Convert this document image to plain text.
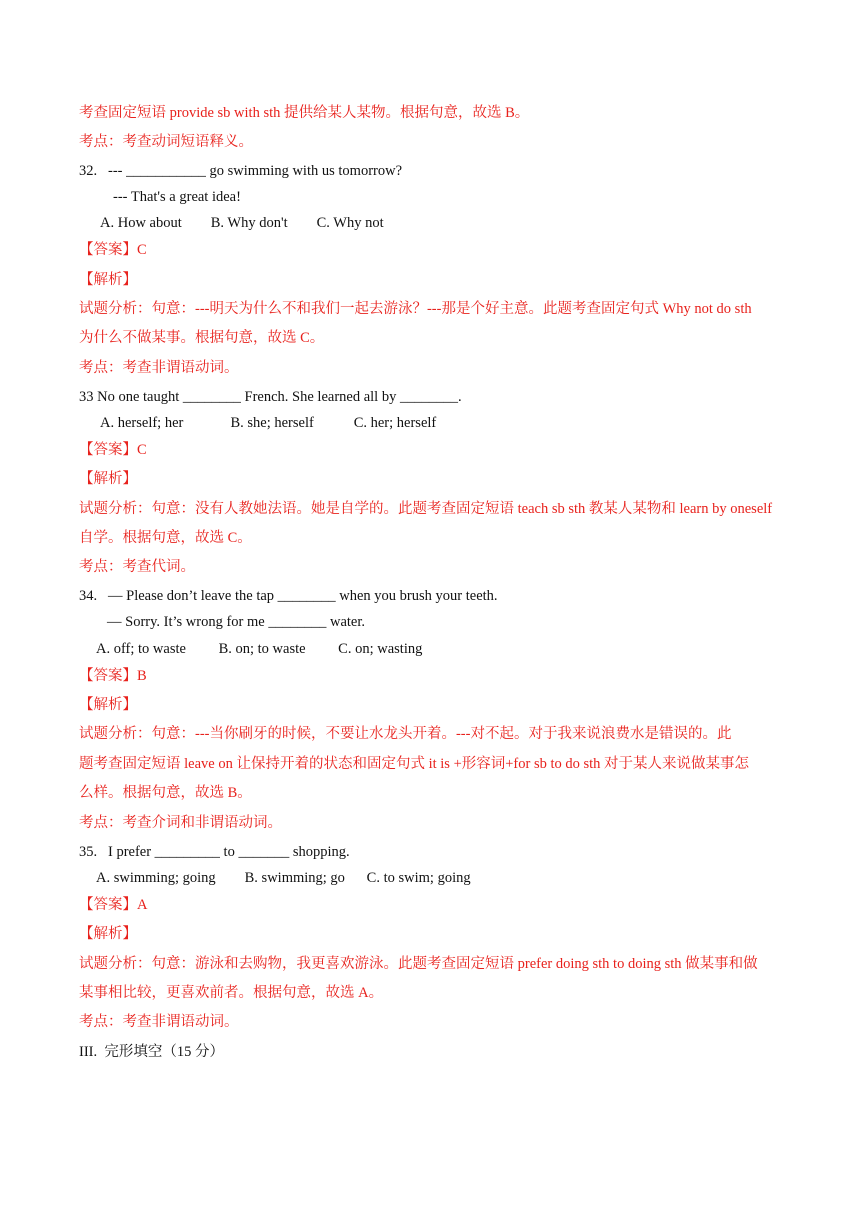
考查固定短语 provide sb with sth 提供给某人某物。根据句意，故选 B。
考点：考查动词短语释义。
32.   --- ___________ go swimming with us tomorrow?
--- That's a great idea!
A. How about        B. Why don't        C. Why not
【答案】C
【解析】
试题分析：句意：---明天为什么不和我们一起去游泳？---那是个好主意。此题考查固定句式 Why not do sth
为什么不做某事。根据句意，故选 C。
考点：考查非谓语动词。
33 No one taught ________ French. She learned all by ________.
A. herself; her             B. she; herself           C. her; herself
【答案】C
【解析】
试题分析：句意：没有人教她法语。她是自学的。此题考查固定短语 teach sb sth 教某人某物和 learn by oneself
自学。根据句意，故选 C。
考点：考查代词。
34.   — Please don’t leave the tap ________ when you brush your teeth.
— Sorry. It’s wrong for me ________ water.
A. off; to waste         B. on; to waste         C. on; wasting
【答案】B
【解析】
试题分析：句意：---当你刷牙的时候，不要让水龙头开着。---对不起。对于我来说浪费水是错误的。此
题考查固定短语 leave on 让保持开着的状态和固定句式 it is +形容词+for sb to do sth 对于某人来说做某事怎
么样。根据句意，故选 B。
考点：考查介词和非谓语动词。
35.   I prefer _________ to _______ shopping.
A. swimming; going        B. swimming; go      C. to swim; going
【答案】A
【解析】
试题分析：句意：游泳和去购物，我更喜欢游泳。此题考查固定短语 prefer doing sth to doing sth 做某事和做
某事相比较，更喜欢前者。根据句意，故选 A。
考点：考查非谓语动词。
III.  完形填空（15 分）
